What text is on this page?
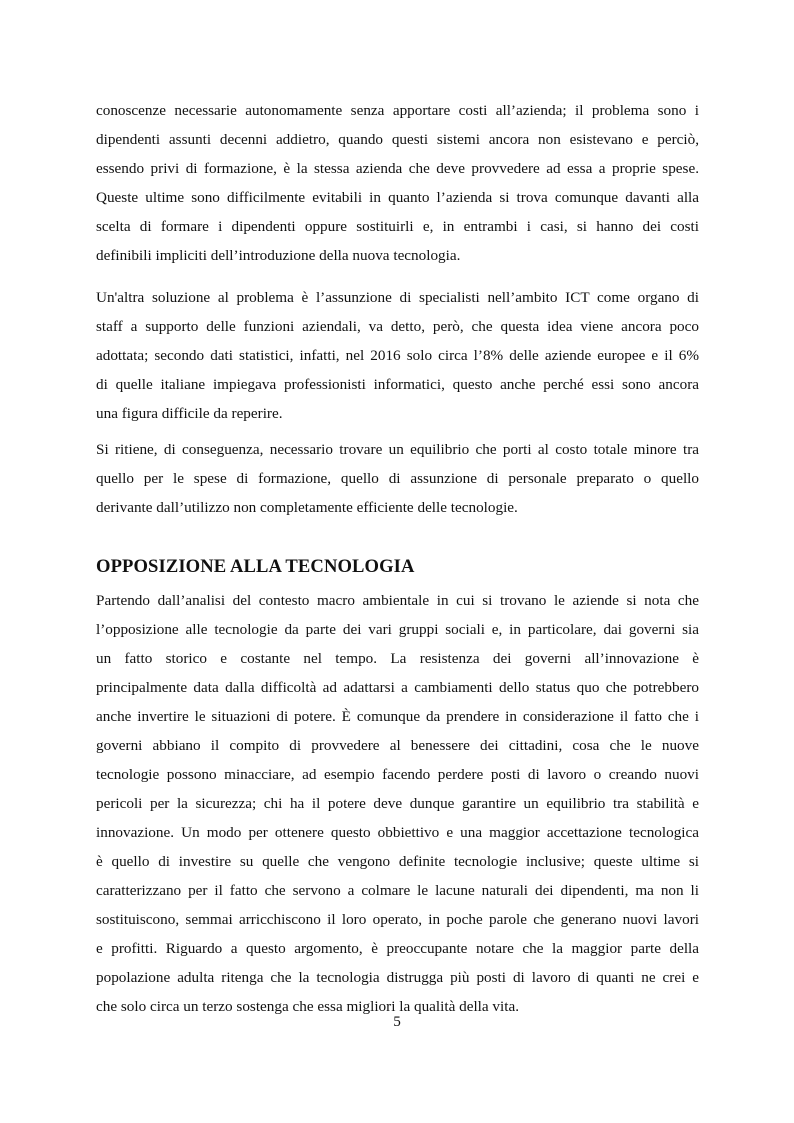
conoscenze necessarie autonomamente senza apportare costi all’azienda; il problema sono i
dipendenti assunti decenni addietro, quando questi sistemi ancora non esistevano e perciò,
essendo privi di formazione, è la stessa azienda che deve provvedere ad essa a proprie spese.
Queste ultime sono difficilmente evitabili in quanto l’azienda si trova comunque davanti alla
scelta di formare i dipendenti oppure sostituirli e, in entrambi i casi, si hanno dei costi
definibili impliciti dell’introduzione della nuova tecnologia.
Un'altra soluzione al problema è l’assunzione di specialisti nell’ambito ICT come organo di
staff a supporto delle funzioni aziendali, va detto, però, che questa idea viene ancora poco
adottata; secondo dati statistici, infatti, nel 2016 solo circa l’8% delle aziende europee e il 6%
di quelle italiane impiegava professionisti informatici, questo anche perché essi sono ancora
una figura difficile da reperire.
Si ritiene, di conseguenza, necessario trovare un equilibrio che porti al costo totale minore tra
quello per le spese di formazione, quello di assunzione di personale preparato o quello
derivante dall’utilizzo non completamente efficiente delle tecnologie.
OPPOSIZIONE ALLA TECNOLOGIA
Partendo dall’analisi del contesto macro ambientale in cui si trovano le aziende si nota che
l’opposizione alle tecnologie da parte dei vari gruppi sociali e, in particolare, dai governi sia
un fatto storico e costante nel tempo. La resistenza dei governi all’innovazione è
principalmente data dalla difficoltà ad adattarsi a cambiamenti dello status quo che potrebbero
anche invertire le situazioni di potere. È comunque da prendere in considerazione il fatto che i
governi abbiano il compito di provvedere al benessere dei cittadini, cosa che le nuove
tecnologie possono minacciare, ad esempio facendo perdere posti di lavoro o creando nuovi
pericoli per la sicurezza; chi ha il potere deve dunque garantire un equilibrio tra stabilità e
innovazione. Un modo per ottenere questo obbiettivo e una maggior accettazione tecnologica
è quello di investire su quelle che vengono definite tecnologie inclusive; queste ultime si
caratterizzano per il fatto che servono a colmare le lacune naturali dei dipendenti, ma non li
sostituiscono, semmai arricchiscono il loro operato, in poche parole che generano nuovi lavori
e profitti. Riguardo a questo argomento, è preoccupante notare che la maggior parte della
popolazione adulta ritenga che la tecnologia distrugga più posti di lavoro di quanti ne crei e
che solo circa un terzo sostenga che essa migliori la qualità della vita.
5
